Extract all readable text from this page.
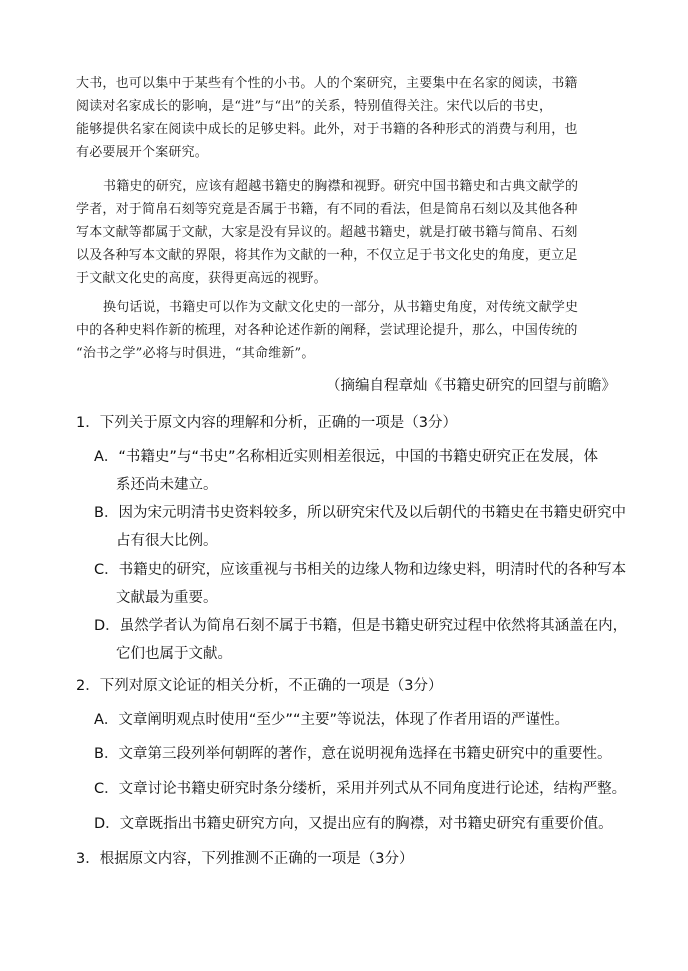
大书，也可以集中于某些有个性的小书。人的个案研究，主要集中在名家的阅读，书籍
阅读对名家成长的影响，是“进”与“出”的关系，特别值得关注。宋代以后的书史，
能够提供名家在阅读中成长的足够史料。此外，对于书籍的各种形式的消费与利用，也
有必要展开个案研究。
书籍史的研究，应该有超越书籍史的胸襟和视野。研究中国书籍史和古典文献学的
学者，对于简帛石刻等究竟是否属于书籍，有不同的看法，但是简帛石刻以及其他各种
写本文献等都属于文献，大家是没有异议的。超越书籍史，就是打破书籍与简帛、石刻
以及各种写本文献的界限，将其作为文献的一种，不仅立足于书文化史的角度，更立足
于文献文化史的高度，获得更高远的视野。
换句话说，书籍史可以作为文献文化史的一部分，从书籍史角度，对传统文献学史
中的各种史料作新的梳理，对各种论述作新的阐释，尝试理论提升，那么，中国传统的
“治书之学”必将与时俱进，“其命维新”。
（摘编自程章灿《书籍史研究的回望与前瞻》
1．下列关于原文内容的理解和分析，正确的一项是（3分）
A．“书籍史”与“书史”名称相近实则相差很远，中国的书籍史研究正在发展，体
系还尚未建立。
B．因为宋元明清书史资料较多，所以研究宋代及以后朝代的书籍史在书籍史研究中
占有很大比例。
C．书籍史的研究，应该重视与书相关的边缘人物和边缘史料，明清时代的各种写本
文献最为重要。
D．虽然学者认为简帛石刻不属于书籍，但是书籍史研究过程中依然将其涵盖在内，
它们也属于文献。
2．下列对原文论证的相关分析，不正确的一项是（3分）
A．文章阐明观点时使用“至少”“主要”等说法，体现了作者用语的严谨性。
B．文章第三段列举何朝晖的著作，意在说明视角选择在书籍史研究中的重要性。
C．文章讨论书籍史研究时条分缕析，采用并列式从不同角度进行论述，结构严整。
D．文章既指出书籍史研究方向，又提出应有的胸襟，对书籍史研究有重要价值。
3．根据原文内容，下列推测不正确的一项是（3分）
